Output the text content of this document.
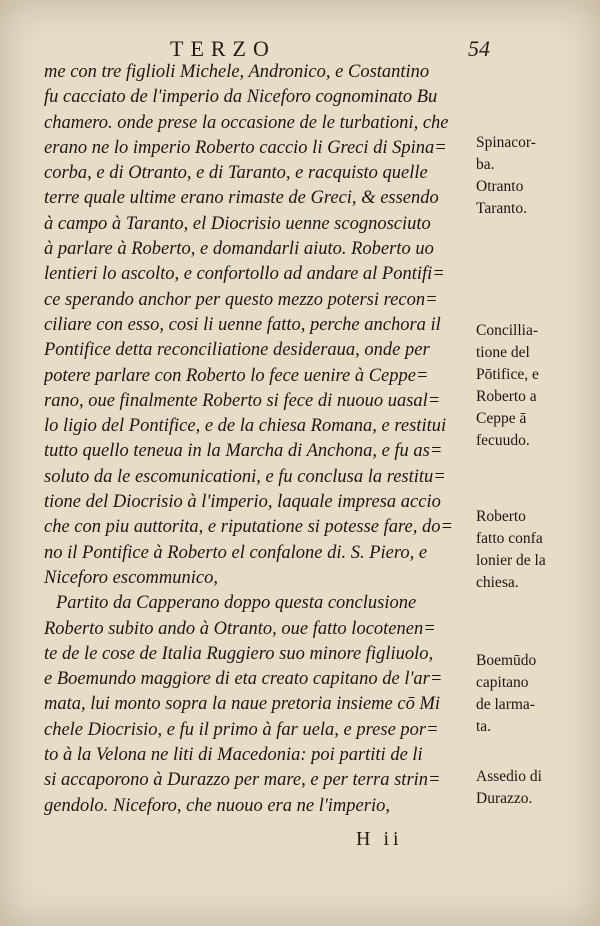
TERZO	54
me con tre figlioli Michele, Andronico, e Costantino
fu cacciato de l'imperio da Niceforo cognominato Bu
chamero. onde prese la occasione de le turbationi, che
erano ne lo imperio Roberto caccio li Greci di Spina=
corba, e di Otranto, e di Taranto, e racquisto quelle
terre quale ultime erano rimaste de Greci, & essendo
à campo à Taranto, el Diocrisio uenne scognosciuto
à parlare à Roberto, e domandarli aiuto. Roberto uo
lentieri lo ascolto, e confortollo ad andare al Pontifi=
ce sperando anchor per questo mezzo potersi recon=
ciliare con esso, cosi li uenne fatto, perche anchora il
Pontifice detta reconciliatione desideraua, onde per
potere parlare con Roberto lo fece uenire à Ceppe=
rano, oue finalmente Roberto si fece di nuouo uasal=
lo ligio del Pontifice, e de la chiesa Romana, e restitui
tutto quello teneua in la Marcha di Anchona, e fu as=
soluto da le escomunicationi, e fu conclusa la restitu=
tione del Diocrisio à l'imperio, laquale impresa accio
che con piu auttorita, e riputatione si potesse fare, do=
no il Pontifice à Roberto el confalone di. S. Piero, e
Niceforo escommunico,
Partito da Capperano doppo questa conclusione
Roberto subito ando à Otranto, oue fatto locotenen=
te de le cose de Italia Ruggiero suo minore figliuolo,
e Boemundo maggiore di eta creato capitano de l'ar=
mata, lui monto sopra la naue pretoria insieme cō Mi
chele Diocrisio, e fu il primo à far uela, e prese por=
to à la Velona ne liti di Macedonia: poi partiti de li
si accaporono à Durazzo per mare, e per terra strin=
gendolo. Niceforo, che nuouo era ne l'imperio,
Spinacor-
ba.
Otranto
Taranto.
Concillia-
tione del
Pōtifice, e
Roberto a
Ceppe ā
fecuudo.
Roberto
fatto confa
lonier de la
chiesa.
Boemūdo
capitano
de larma-
ta.
Assedio di
Durazzo.
H ii
